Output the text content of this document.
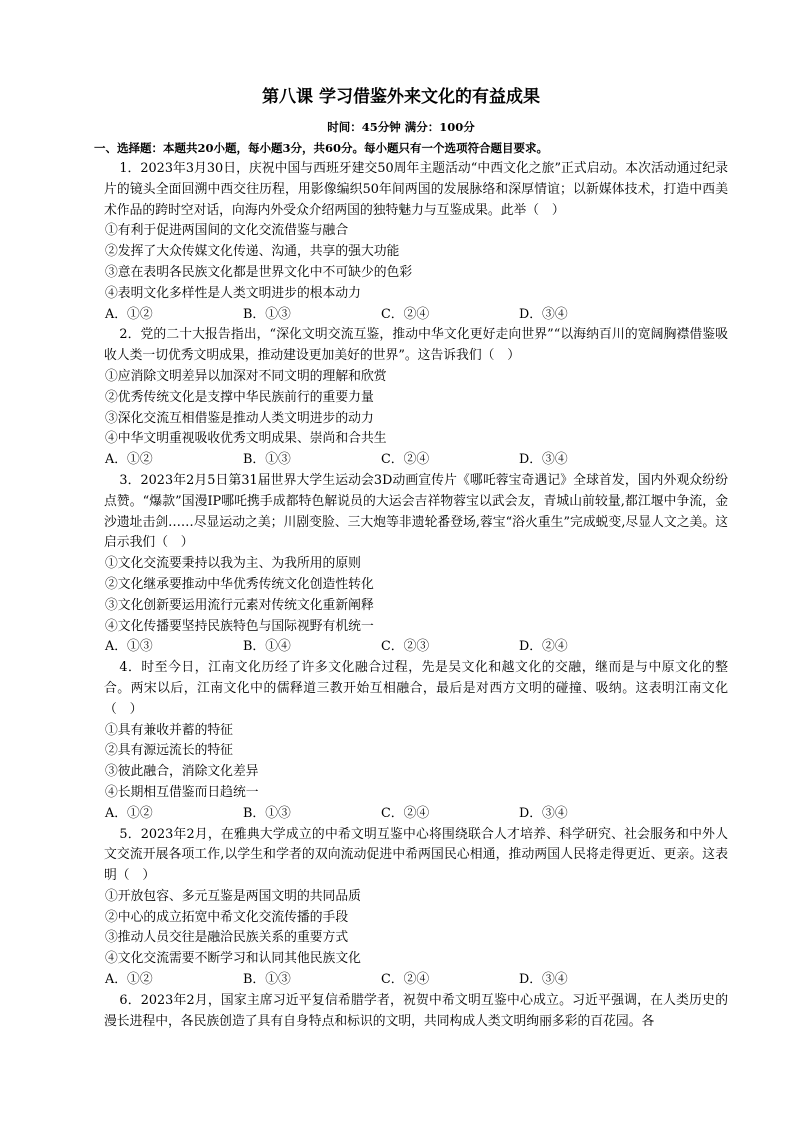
第八课 学习借鉴外来文化的有益成果
时间：45分钟 满分：100分
一、选择题：本题共20小题，每小题3分，共60分。每小题只有一个选项符合题目要求。
1．2023年3月30日，庆祝中国与西班牙建交50周年主题活动“中西文化之旅”正式启动。本次活动通过纪录片的镜头全面回溯中西交往历程，用影像编织50年间两国的发展脉络和深厚情谊；以新媒体技术，打造中西美术作品的跨时空对话，向海内外受众介绍两国的独特魅力与互鉴成果。此举（　）
①有利于促进两国间的文化交流借鉴与融合
②发挥了大众传媒文化传递、沟通，共享的强大功能
③意在表明各民族文化都是世界文化中不可缺少的色彩
④表明文化多样性是人类文明进步的根本动力
A．①②	B．①③	C．②④	D．③④
2．党的二十大报告指出，“深化文明交流互鉴，推动中华文化更好走向世界”“以海纳百川的宽阔胸襟借鉴吸收人类一切优秀文明成果，推动建设更加美好的世界”。这告诉我们（　）
①应消除文明差异以加深对不同文明的理解和欣赏
②优秀传统文化是支撑中华民族前行的重要力量
③深化交流互相借鉴是推动人类文明进步的动力
④中华文明重视吸收优秀文明成果、崇尚和合共生
A．①②	B．①③	C．②④	D．③④
3．2023年2月5日第31届世界大学生运动会3D动画宣传片《哪吒蓉宝奇遇记》全球首发，国内外观众纷纷点赞。“爆款”国漫IP哪吒携手成都特色解说员的大运会吉祥物蓉宝以武会友，青城山前较量,都江堰中争流，金沙遗址击剑……尽显运动之美；川剧变脸、三大炮等非遗轮番登场,蓉宝“浴火重生”完成蜕变,尽显人文之美。这启示我们（　）
①文化交流要秉持以我为主、为我所用的原则
②文化继承要推动中华优秀传统文化创造性转化
③文化创新要运用流行元素对传统文化重新阐释
④文化传播要坚持民族特色与国际视野有机统一
A．①③	B．①④	C．②③	D．②④
4．时至今日，江南文化历经了许多文化融合过程，先是吴文化和越文化的交融，继而是与中原文化的整合。两宋以后，江南文化中的儒释道三教开始互相融合，最后是对西方文明的碰撞、吸纳。这表明江南文化（　）
①具有兼收并蓄的特征
②具有源远流长的特征
③彼此融合，消除文化差异
④长期相互借鉴而日趋统一
A．①②	B．①③	C．②④	D．③④
5．2023年2月，在雅典大学成立的中希文明互鉴中心将围绕联合人才培养、科学研究、社会服务和中外人文交流开展各项工作,以学生和学者的双向流动促进中希两国民心相通，推动两国人民将走得更近、更亲。这表明（　）
①开放包容、多元互鉴是两国文明的共同品质
②中心的成立拓宽中希文化交流传播的手段
③推动人员交往是融洽民族关系的重要方式
④文化交流需要不断学习和认同其他民族文化
A．①②	B．①③	C．②④	D．③④
6．2023年2月，国家主席习近平复信希腊学者，祝贺中希文明互鉴中心成立。习近平强调，在人类历史的漫长进程中，各民族创造了具有自身特点和标识的文明，共同构成人类文明绚丽多彩的百花园。各
